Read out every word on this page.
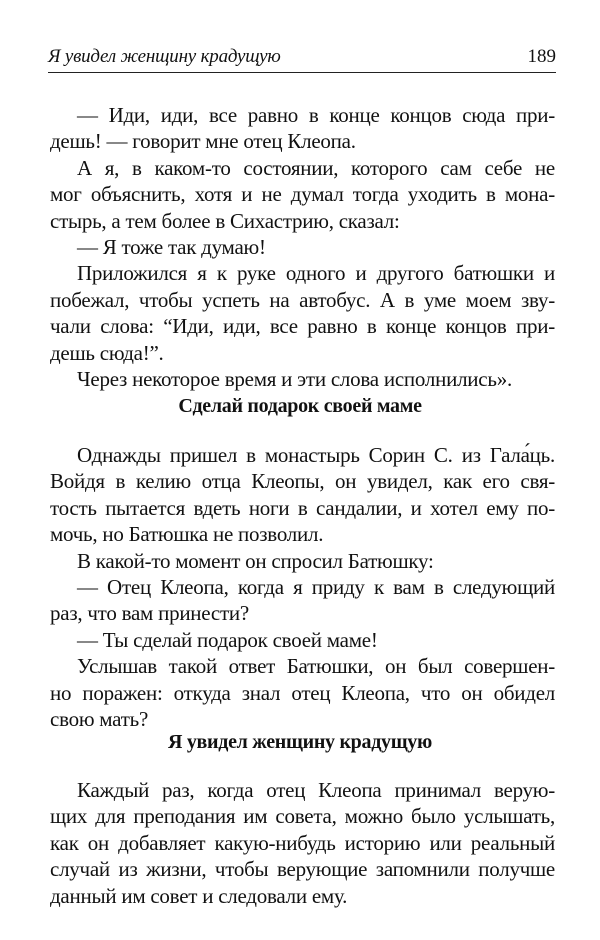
Я увидел женщину крадущую	189
— Иди, иди, все равно в конце концов сюда при-
дешь! — говорит мне отец Клеопа.
А я, в каком-то состоянии, которого сам себе не
мог объяснить, хотя и не думал тогда уходить в мона-
стырь, а тем более в Сихастрию, сказал:
— Я тоже так думаю!
Приложился я к руке одного и другого батюшки и
побежал, чтобы успеть на автобус. А в уме моем зву-
чали слова: “Иди, иди, все равно в конце концов при-
дешь сюда!”.
Через некоторое время и эти слова исполнились».
Сделай подарок своей маме
Однажды пришел в монастырь Сорин С. из Гала́ць.
Войдя в келию отца Клеопы, он увидел, как его свя-
тость пытается вдеть ноги в сандалии, и хотел ему по-
мочь, но Батюшка не позволил.
В какой-то момент он спросил Батюшку:
— Отец Клеопа, когда я приду к вам в следующий
раз, что вам принести?
— Ты сделай подарок своей маме!
Услышав такой ответ Батюшки, он был совершен-
но поражен: откуда знал отец Клеопа, что он обидел
свою мать?
Я увидел женщину крадущую
Каждый раз, когда отец Клеопа принимал верую-
щих для преподания им совета, можно было услышать,
как он добавляет какую-нибудь историю или реальный
случай из жизни, чтобы верующие запомнили получше
данный им совет и следовали ему.
